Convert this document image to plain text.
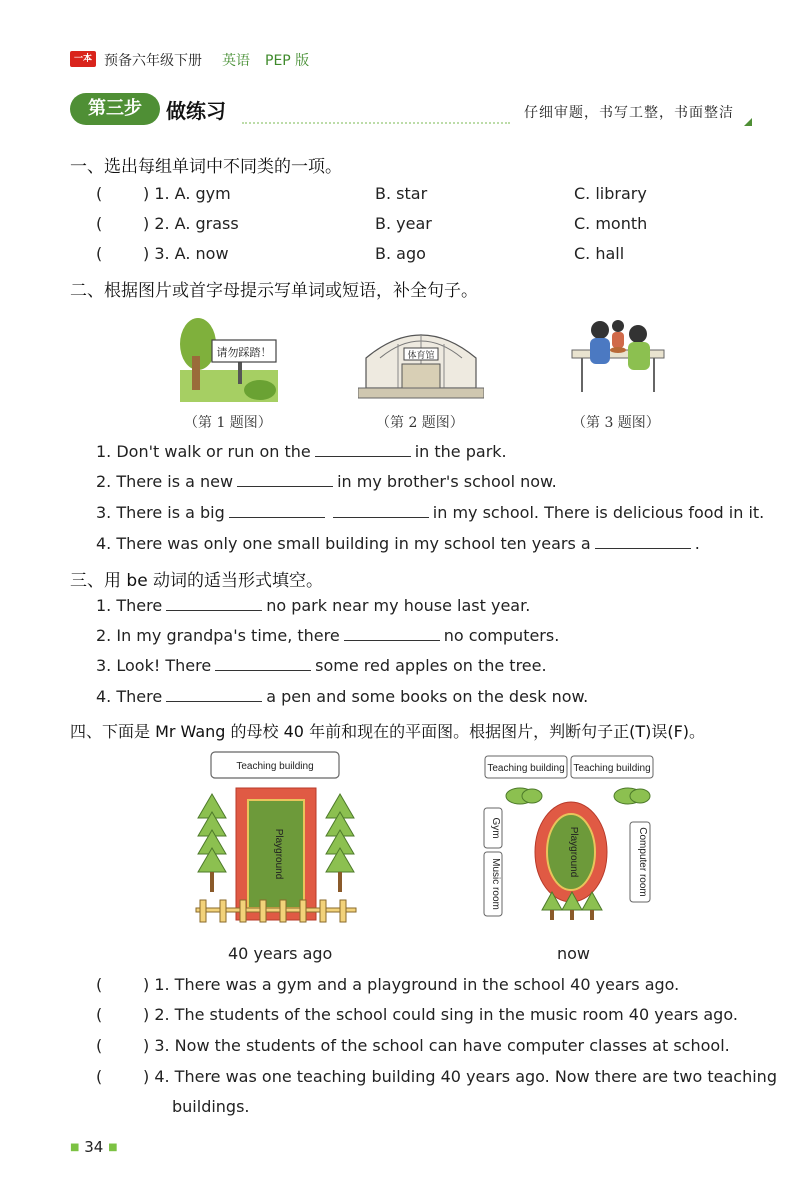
一本 预备六年级下册 英语 PEP 版
第三步	做练习	仔细审题，书写工整，书面整洁
一、选出每组单词中不同类的一项。
(	) 1. A. gym	B. star	C. library
(	) 2. A. grass	B. year	C. month
(	) 3. A. now	B. ago	C. hall
二、根据图片或首字母提示写单词或短语，补全句子。
请勿踩踏！	体育馆
（第 1 题图）	（第 2 题图）	（第 3 题图）
1. Don't walk or run on the	in the park.
2. There is a new	in my brother's school now.
3. There is a big	in my school. There is delicious food in it.
4. There was only one small building in my school ten years a	.
三、用 be 动词的适当形式填空。
1. There	no park near my house last year.
2. In my grandpa's time, there	no computers.
3. Look! There	some red apples on the tree.
4. There	a pen and some books on the desk now.
四、下面是 Mr Wang 的母校 40 年前和现在的平面图。根据图片，判断句子正(T)误(F)。
Teaching building
Playground
40 years ago
Teaching building Teaching building
Gym
Music room
Playground	Computer room
now
(	) 1. There was a gym and a playground in the school 40 years ago.
(	) 2. The students of the school could sing in the music room 40 years ago.
(	) 3. Now the students of the school can have computer classes at school.
(	) 4. There was one teaching building 40 years ago. Now there are two teaching
buildings.
■ 34 ■
